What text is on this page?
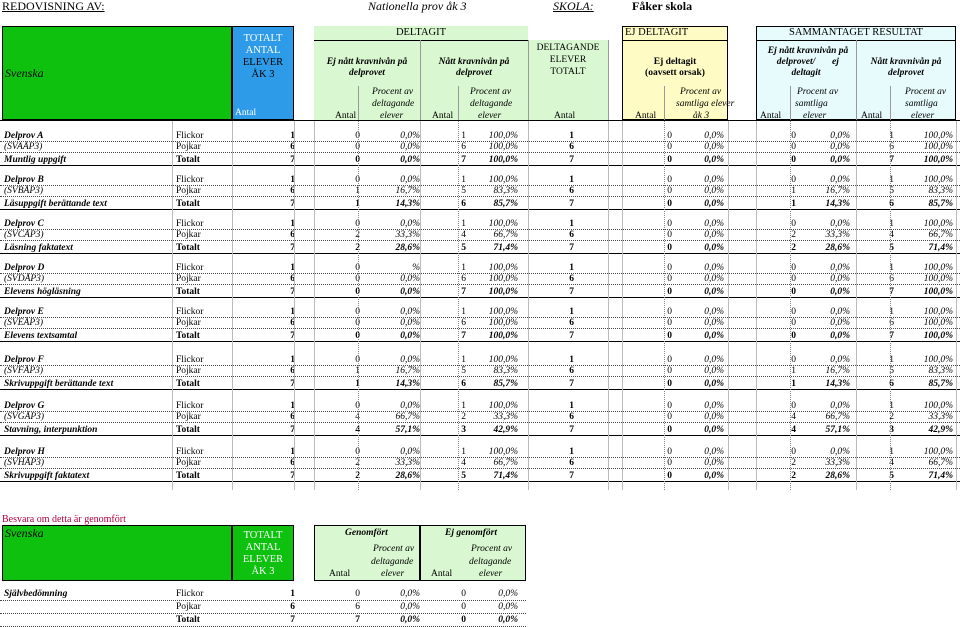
REDOVISNING AV:	Nationella prov åk 3	SKOLA:	Fåker skola
Svenska
TOTALT
ANTAL
ELEVER
ÅK 3
Antal
DELTAGIT
Ej nått kravnivån på
delprovet
Nått kravnivån på
delprovet
DELTAGANDE
ELEVER
TOTALT
EJ DELTAGIT
Ej deltagit
(oavsett orsak)
SAMMANTAGET RESULTAT
Ej nått kravnivån på
delprovet/	ej
deltagit
Nått kravnivån på
delprovet
Antal
Procent av
deltagande
elever	Antal
Procent av
deltagande
elever	Antal	Antal
Procent av
samtliga elever
åk 3	Antal
Procent av
samtliga
elever	Antal
Procent av
samtliga
elever
Delprov A
(SVAÅP3)
Muntlig uppgift
Flickor	1	0	0,0%	1	100,0%	1	0	0,0%	0	0,0%	1	100,0%
Pojkar	6	0	0,0%	6	100,0%	6	0	0,0%	0	0,0%	6	100,0%
Totalt	7	0	0,0%	7	100,0%	7	0	0,0%	0	0,0%	7	100,0%
Delprov B
(SVBÅP3)
Läsuppgift berättande text
Flickor	1	0	0,0%	1	100,0%	1	0	0,0%	0	0,0%	1	100,0%
Pojkar	6	1	16,7%	5	83,3%	6	0	0,0%	1	16,7%	5	83,3%
Totalt	7	1	14,3%	6	85,7%	7	0	0,0%	1	14,3%	6	85,7%
Delprov C
(SVCÅP3)
Läsning faktatext
Flickor	1	0	0,0%	1	100,0%	1	0	0,0%	0	0,0%	1	100,0%
Pojkar	6	2	33,3%	4	66,7%	6	0	0,0%	2	33,3%	4	66,7%
Totalt	7	2	28,6%	5	71,4%	7	0	0,0%	2	28,6%	5	71,4%
Delprov D
(SVDÅP3)
Elevens högläsning
Flickor	1	0	%	1	100,0%	1	0	0,0%	0	0,0%	1	100,0%
Pojkar	6	0	0,0%	6	100,0%	6	0	0,0%	0	0,0%	6	100,0%
Totalt	7	0	0,0%	7	100,0%	7	0	0,0%	0	0,0%	7	100,0%
Delprov E
(SVEÅP3)
Elevens textsamtal
Flickor	1	0	0,0%	1	100,0%	1	0	0,0%	0	0,0%	1	100,0%
Pojkar	6	0	0,0%	6	100,0%	6	0	0,0%	0	0,0%	6	100,0%
Totalt	7	0	0,0%	7	100,0%	7	0	0,0%	0	0,0%	7	100,0%
Delprov F
(SVFÅP3)
Skrivuppgift berättande text
Flickor	1	0	0,0%	1	100,0%	1	0	0,0%	0	0,0%	1	100,0%
Pojkar	6	1	16,7%	5	83,3%	6	0	0,0%	1	16,7%	5	83,3%
Totalt	7	1	14,3%	6	85,7%	7	0	0,0%	1	14,3%	6	85,7%
Delprov G
(SVGÅP3)
Stavning, interpunktion
Flickor	1	0	0,0%	1	100,0%	1	0	0,0%	0	0,0%	1	100,0%
Pojkar	6	4	66,7%	2	33,3%	6	0	0,0%	4	66,7%	2	33,3%
Totalt	7	4	57,1%	3	42,9%	7	0	0,0%	4	57,1%	3	42,9%
Delprov H
(SVHÅP3)
Skrivuppgift faktatext
Flickor	1	0	0,0%	1	100,0%	1	0	0,0%	0	0,0%	1	100,0%
Pojkar	6	2	33,3%	4	66,7%	6	0	0,0%	2	33,3%	4	66,7%
Totalt	7	2	28,6%	5	71,4%	7	0	0,0%	2	28,6%	5	71,4%
Besvara om detta är genomfört
Svenska	TOTALT
ANTAL
ELEVER
ÅK 3
Genomfört
Procent av
deltagande
Antal	elever
Ej genomfört
Procent av
deltagande
Antal	elever
Självbedömning	Flickor	1	0	0,0%	0	0,0%
Pojkar	6	6	0,0%	0	0,0%
Totalt	7	7	0,0%	0	0,0%
